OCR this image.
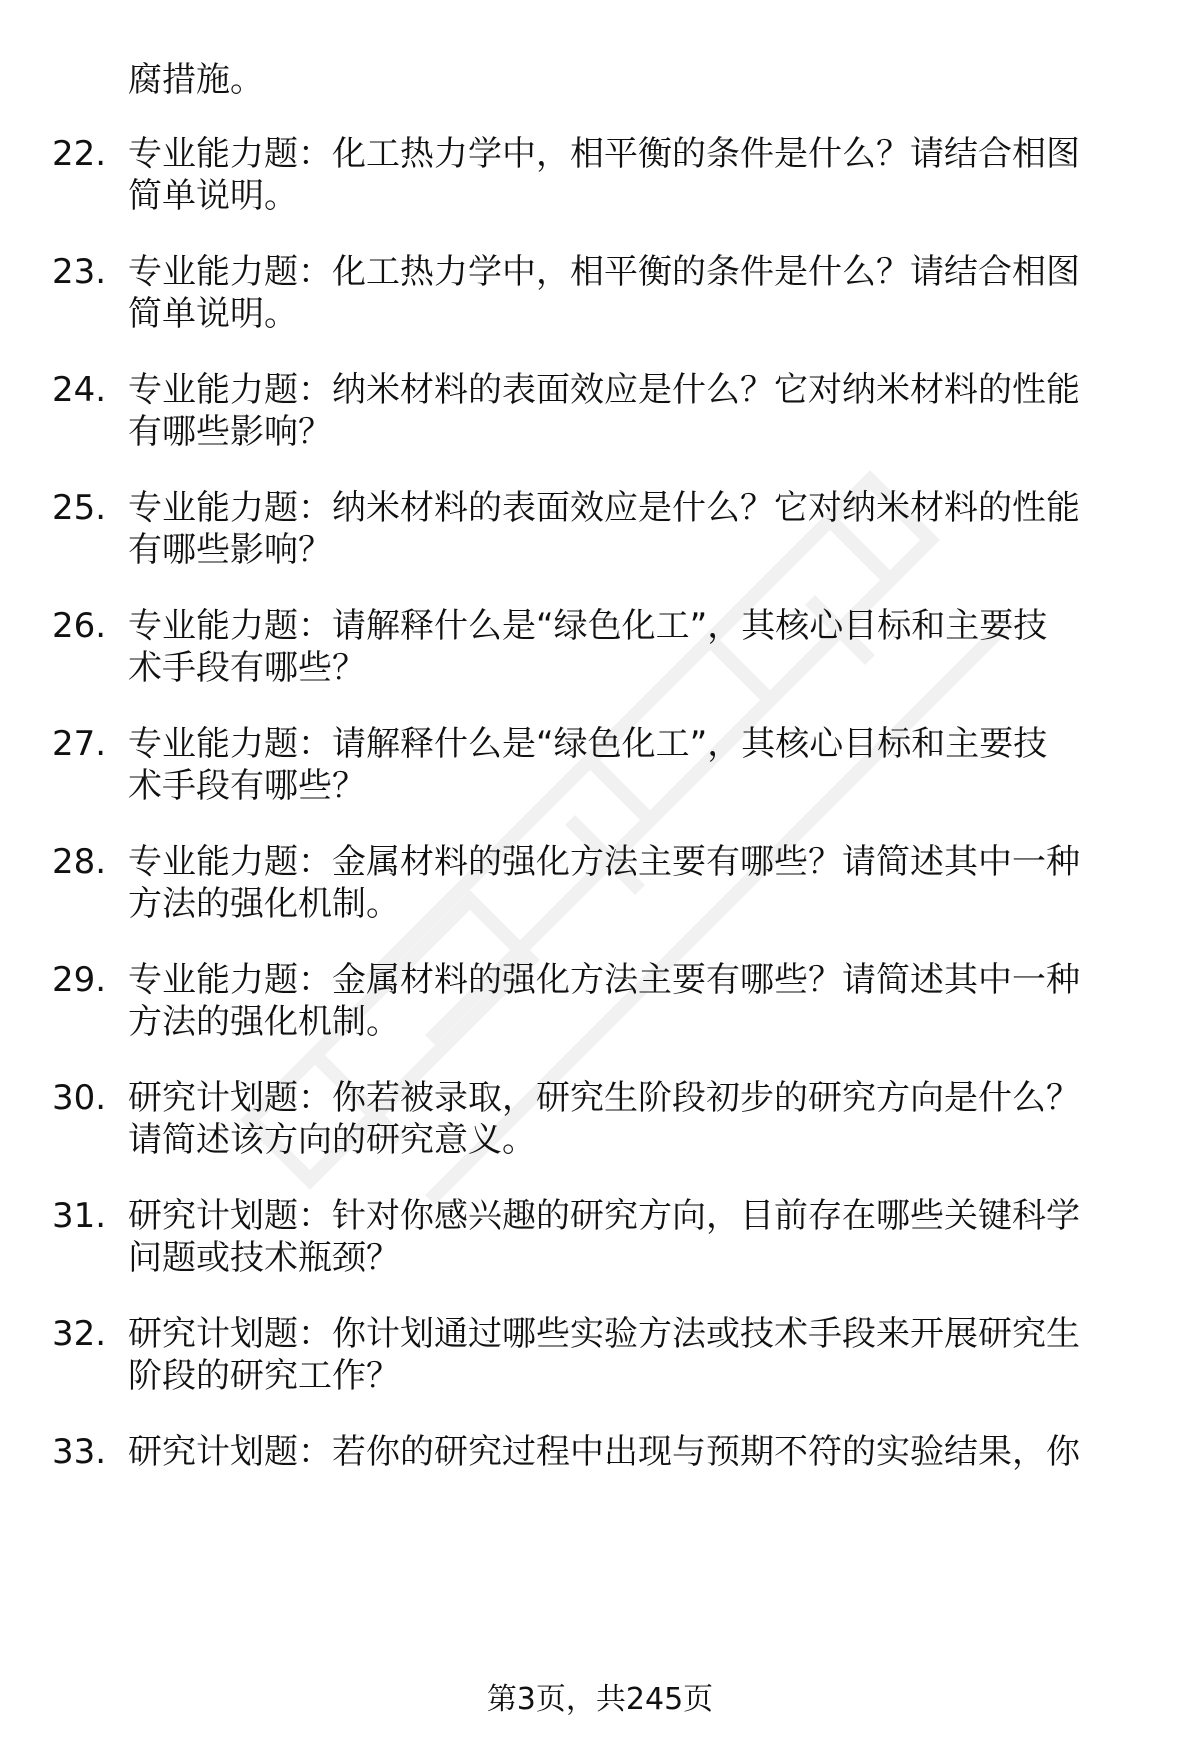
腐措施。
22. 专业能力题：化工热力学中，相平衡的条件是什么？请结合相图
简单说明。
23. 专业能力题：化工热力学中，相平衡的条件是什么？请结合相图
简单说明。
24. 专业能力题：纳米材料的表面效应是什么？它对纳米材料的性能
有哪些影响？
25. 专业能力题：纳米材料的表面效应是什么？它对纳米材料的性能
有哪些影响？
26. 专业能力题：请解释什么是“绿色化工”，其核心目标和主要技
术手段有哪些？
27. 专业能力题：请解释什么是“绿色化工”，其核心目标和主要技
术手段有哪些？
28. 专业能力题：金属材料的强化方法主要有哪些？请简述其中一种
方法的强化机制。
29. 专业能力题：金属材料的强化方法主要有哪些？请简述其中一种
方法的强化机制。
30. 研究计划题：你若被录取，研究生阶段初步的研究方向是什么？
请简述该方向的研究意义。
31. 研究计划题：针对你感兴趣的研究方向，目前存在哪些关键科学
问题或技术瓶颈？
32. 研究计划题：你计划通过哪些实验方法或技术手段来开展研究生
阶段的研究工作？
33. 研究计划题：若你的研究过程中出现与预期不符的实验结果，你
第3页，共245页
